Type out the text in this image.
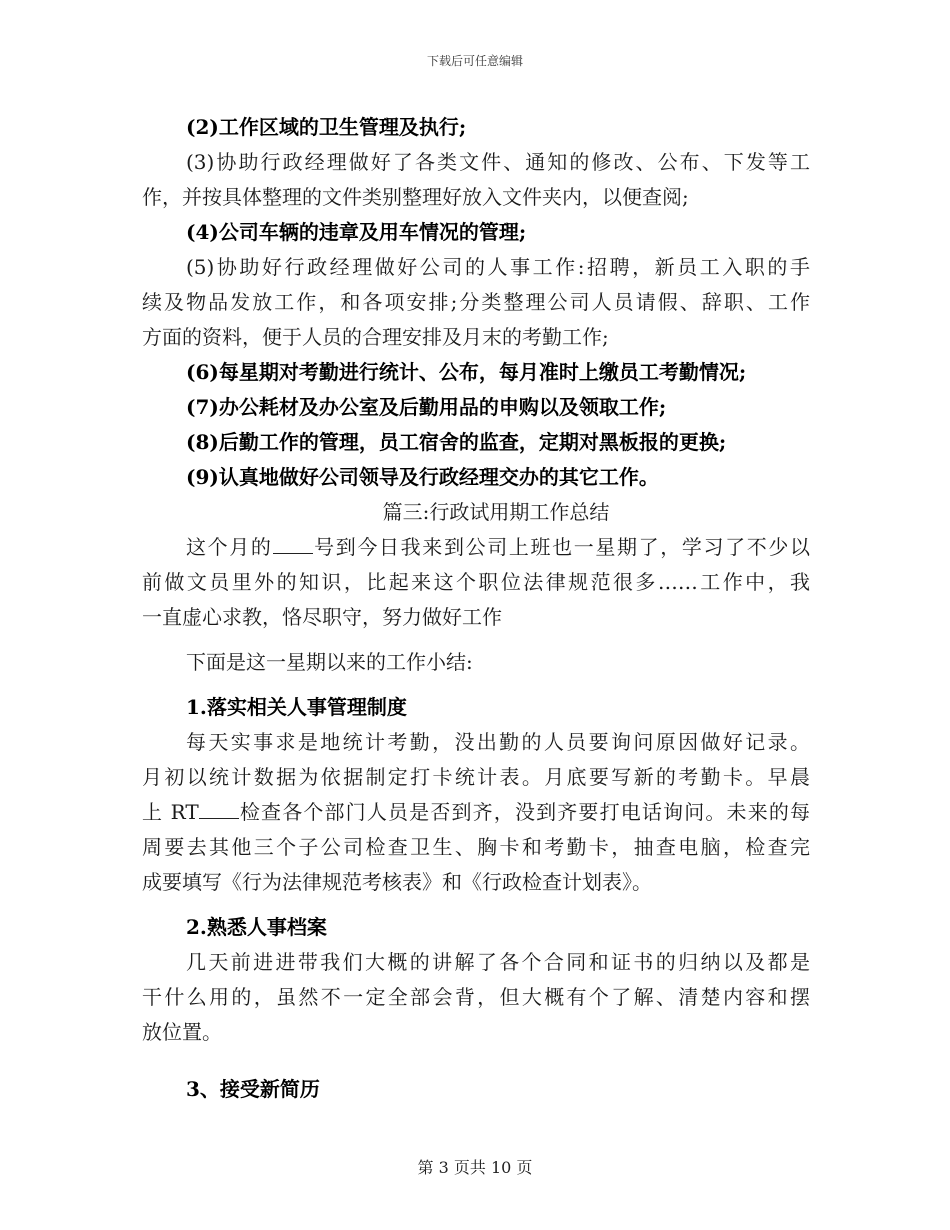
下载后可任意编辑
(2)工作区域的卫生管理及执行;
(3)协助行政经理做好了各类文件、通知的修改、公布、下发等工
作，并按具体整理的文件类别整理好放入文件夹内，以便查阅;
(4)公司车辆的违章及用车情况的管理;
(5)协助好行政经理做好公司的人事工作:招聘，新员工入职的手
续及物品发放工作，和各项安排;分类整理公司人员请假、辞职、工作
方面的资料，便于人员的合理安排及月末的考勤工作;
(6)每星期对考勤进行统计、公布，每月准时上缴员工考勤情况;
(7)办公耗材及办公室及后勤用品的申购以及领取工作;
(8)后勤工作的管理，员工宿舍的监查，定期对黑板报的更换;
(9)认真地做好公司领导及行政经理交办的其它工作。
篇三:行政试用期工作总结
这个月的 号到今日我来到公司上班也一星期了，学习了不少以
前做文员里外的知识，比起来这个职位法律规范很多……工作中，我
一直虚心求教，恪尽职守，努力做好工作
下面是这一星期以来的工作小结:
1.落实相关人事管理制度
每天实事求是地统计考勤，没出勤的人员要询问原因做好记录。
月初以统计数据为依据制定打卡统计表。月底要写新的考勤卡。早晨
上 RT 检查各个部门人员是否到齐，没到齐要打电话询问。未来的每
周要去其他三个子公司检查卫生、胸卡和考勤卡，抽查电脑，检查完
成要填写《行为法律规范考核表》和《行政检查计划表》。
2.熟悉人事档案
几天前进进带我们大概的讲解了各个合同和证书的归纳以及都是
干什么用的，虽然不一定全部会背，但大概有个了解、清楚内容和摆
放位置。
3、接受新简历
第 3 页共 10 页
